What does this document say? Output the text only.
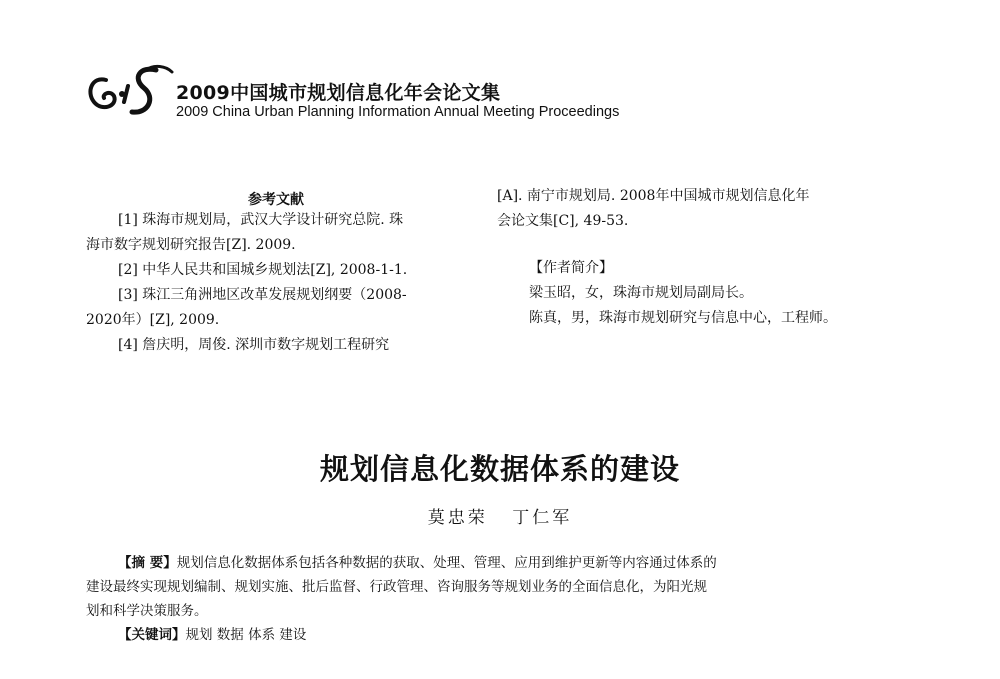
2009中国城市规划信息化年会论文集
2009 China Urban Planning Information Annual Meeting Proceedings
参考文献
[1] 珠海市规划局，武汉大学设计研究总院. 珠
海市数字规划研究报告[Z]. 2009.
[2] 中华人民共和国城乡规划法[Z], 2008-1-1.
[3] 珠江三角洲地区改革发展规划纲要（2008-
2020年）[Z], 2009.
[4] 詹庆明，周俊. 深圳市数字规划工程研究
[A]. 南宁市规划局. 2008年中国城市规划信息化年
会论文集[C], 49-53.
【作者简介】
梁玉昭，女，珠海市规划局副局长。
陈真，男，珠海市规划研究与信息中心，工程师。
规划信息化数据体系的建设
莫忠荣 丁仁军
【摘 要】规划信息化数据体系包括各种数据的获取、处理、管理、应用到维护更新等内容通过体系的
建设最终实现规划编制、规划实施、批后监督、行政管理、咨询服务等规划业务的全面信息化，为阳光规
划和科学决策服务。
【关键词】规划 数据 体系 建设
